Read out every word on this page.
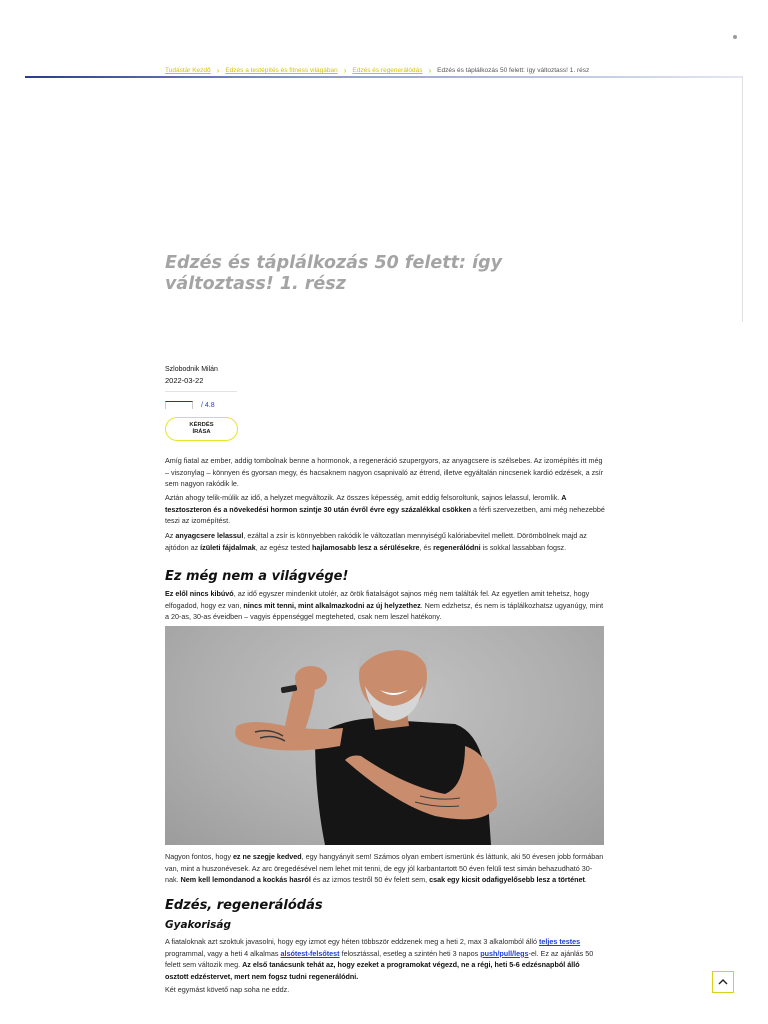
Tudástár Kezdő › Edzés a testépítés és fitness világában › Edzés és regenerálódás › Edzés és táplálkozás 50 felett: így változtass! 1. rész
Edzés és táplálkozás 50 felett: így változtass! 1. rész
Szlobodnik Milán
2022-03-22
/ 4.8
KÉRDÉS
ÍRÁSA

Amíg fiatal az ember, addig tombolnak benne a hormonok, a regeneráció szupergyors, az anyagcsere is szélsebes. Az izomépítés itt még – viszonylag – könnyen és gyorsan megy, és hacsaknem nagyon csapnivaló az étrend, illetve egyáltalán nincsenek kardió edzések, a zsír sem nagyon rakódik le.

Aztán ahogy telik-múlik az idő, a helyzet megváltozik. Az összes képesség, amit eddig felsoroltunk, sajnos lelassul, leromlik. A tesztoszteron és a növekedési hormon szintje 30 után évről évre egy százalékkal csökken a férfi szervezetben, ami még nehezebbé teszi az izomépítést.

Az anyagcsere lelassul, ezáltal a zsír is könnyebben rakódik le változatlan mennyiségű kalóriabevitel mellett. Dörömbölnek majd az ajtódon az ízületi fájdalmak, az egész tested hajlamosabb lesz a sérülésekre, és regenerálódni is sokkal lassabban fogsz.

Ez még nem a világvége!

Ez elől nincs kibúvó, az idő egyszer mindenkit utolér, az örök fiatalságot sajnos még nem találták fel. Az egyetlen amit tehetsz, hogy elfogadod, hogy ez van, nincs mit tenni, mint alkalmazkodni az új helyzethez. Nem edzhetsz, és nem is táplálkozhatsz ugyanúgy, mint a 20-as, 30-as éveidben – vagyis éppenséggel megteheted, csak nem leszel hatékony.

Nagyon fontos, hogy ez ne szegje kedved, egy hangyányit sem! Számos olyan embert ismerünk és láttunk, aki 50 évesen jobb formában van, mint a huszonévesek. Az arc öregedésével nem lehet mit tenni, de egy jól karbantartott 50 éven felüli test simán behazudható 30-nak. Nem kell lemondanod a kockás hasról és az izmos testről 50 év felett sem, csak egy kicsit odafigyelősebb lesz a történet.

Edzés, regenerálódás
Gyakoriság

A fiataloknak azt szoktuk javasolni, hogy egy izmot egy héten többször eddzenek meg a heti 2, max 3 alkalomból álló teljes testes programmal, vagy a heti 4 alkalmas alsótest-felsőtest felosztással, esetleg a szintén heti 3 napos push/pull/legs-el. Ez az ajánlás 50 felett sem változik meg. Az első tanácsunk tehát az, hogy ezeket a programokat végezd, ne a régi, heti 5-6 edzésnapból álló osztott edzéstervet, mert nem fogsz tudni regenerálódni.

Két egymást követő nap soha ne eddz.
